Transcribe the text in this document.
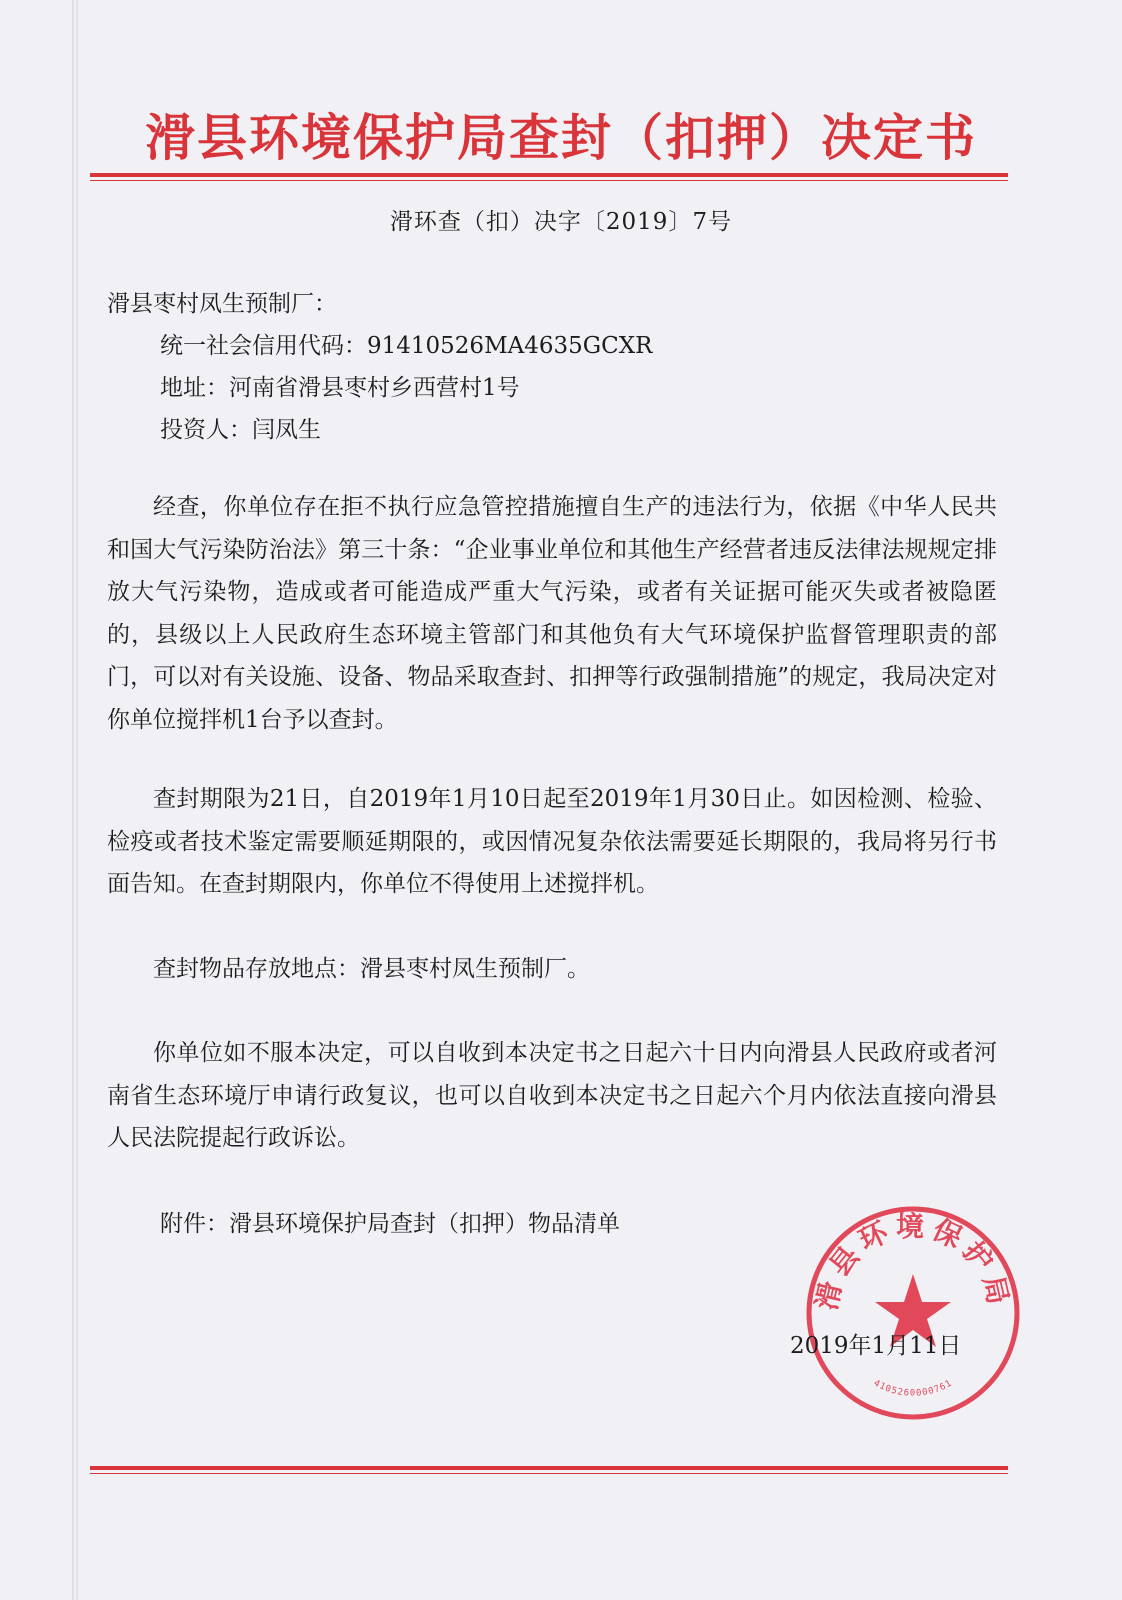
滑县环境保护局查封（扣押）决定书
滑环查（扣）决字〔2019〕7号
滑县枣村凤生预制厂：
统一社会信用代码：91410526MA4635GCXR
地址：河南省滑县枣村乡西营村1号
投资人：闫凤生
经查，你单位存在拒不执行应急管控措施擅自生产的违法行为，依据《中华人民共和国大气污染防治法》第三十条：“企业事业单位和其他生产经营者违反法律法规规定排放大气污染物，造成或者可能造成严重大气污染，或者有关证据可能灭失或者被隐匿的，县级以上人民政府生态环境主管部门和其他负有大气环境保护监督管理职责的部门，可以对有关设施、设备、物品采取查封、扣押等行政强制措施”的规定，我局决定对你单位搅拌机1台予以查封。
查封期限为21日，自2019年1月10日起至2019年1月30日止。如因检测、检验、检疫或者技术鉴定需要顺延期限的，或因情况复杂依法需要延长期限的，我局将另行书面告知。在查封期限内，你单位不得使用上述搅拌机。
查封物品存放地点：滑县枣村凤生预制厂。
你单位如不服本决定，可以自收到本决定书之日起六十日内向滑县人民政府或者河南省生态环境厅申请行政复议，也可以自收到本决定书之日起六个月内依法直接向滑县人民法院提起行政诉讼。
附件：滑县环境保护局查封（扣押）物品清单
滑县环境保护局
4105260000761
2019年1月11日
